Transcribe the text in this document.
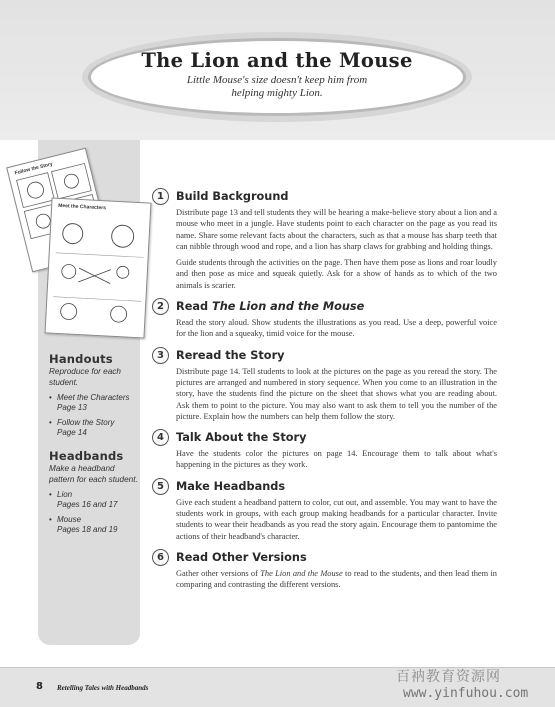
The Lion and the Mouse
Little Mouse's size doesn't keep him from helping mighty Lion.
Follow the Story
Meet the Characters
Handouts
Reproduce for each student.
• Meet the Characters
Page 13
• Follow the Story
Page 14
Headbands
Make a headband pattern for each student.
• Lion
Pages 16 and 17
• Mouse
Pages 18 and 19
1	Build Background

Distribute page 13 and tell students they will be hearing a make-believe story about a lion and a mouse who meet in a jungle. Have students point to each character on the page as you read its name. Share some relevant facts about the characters, such as that a mouse has sharp teeth that can nibble through wood and rope, and a lion has sharp claws for grabbing and holding things.

Guide students through the activities on the page. Then have them pose as lions and roar loudly and then pose as mice and squeak quietly. Ask for a show of hands as to which of the two animals is scarier.

2	Read The Lion and the Mouse

Read the story aloud. Show students the illustrations as you read. Use a deep, powerful voice for the lion and a squeaky, timid voice for the mouse.

3	Reread the Story

Distribute page 14. Tell students to look at the pictures on the page as you reread the story. The pictures are arranged and numbered in story sequence. When you come to an illustration in the story, have the students find the picture on the sheet that shows what you are reading about. Ask them to point to the picture. You may also want to ask them to tell you the number of the picture. Explain how the numbers can help them follow the story.

4	Talk About the Story

Have the students color the pictures on page 14. Encourage them to talk about what's happening in the pictures as they work.

5	Make Headbands

Give each student a headband pattern to color, cut out, and assemble. You may want to have the students work in groups, with each group making headbands for a particular character. Invite students to wear their headbands as you read the story again. Encourage them to pantomime the actions of their headband's character.

6	Read Other Versions

Gather other versions of The Lion and the Mouse to read to the students, and then lead them in comparing and contrasting the different versions.

8 Retelling Tales with Headbands
百衲教育资源网
www.yinfuhou.com
